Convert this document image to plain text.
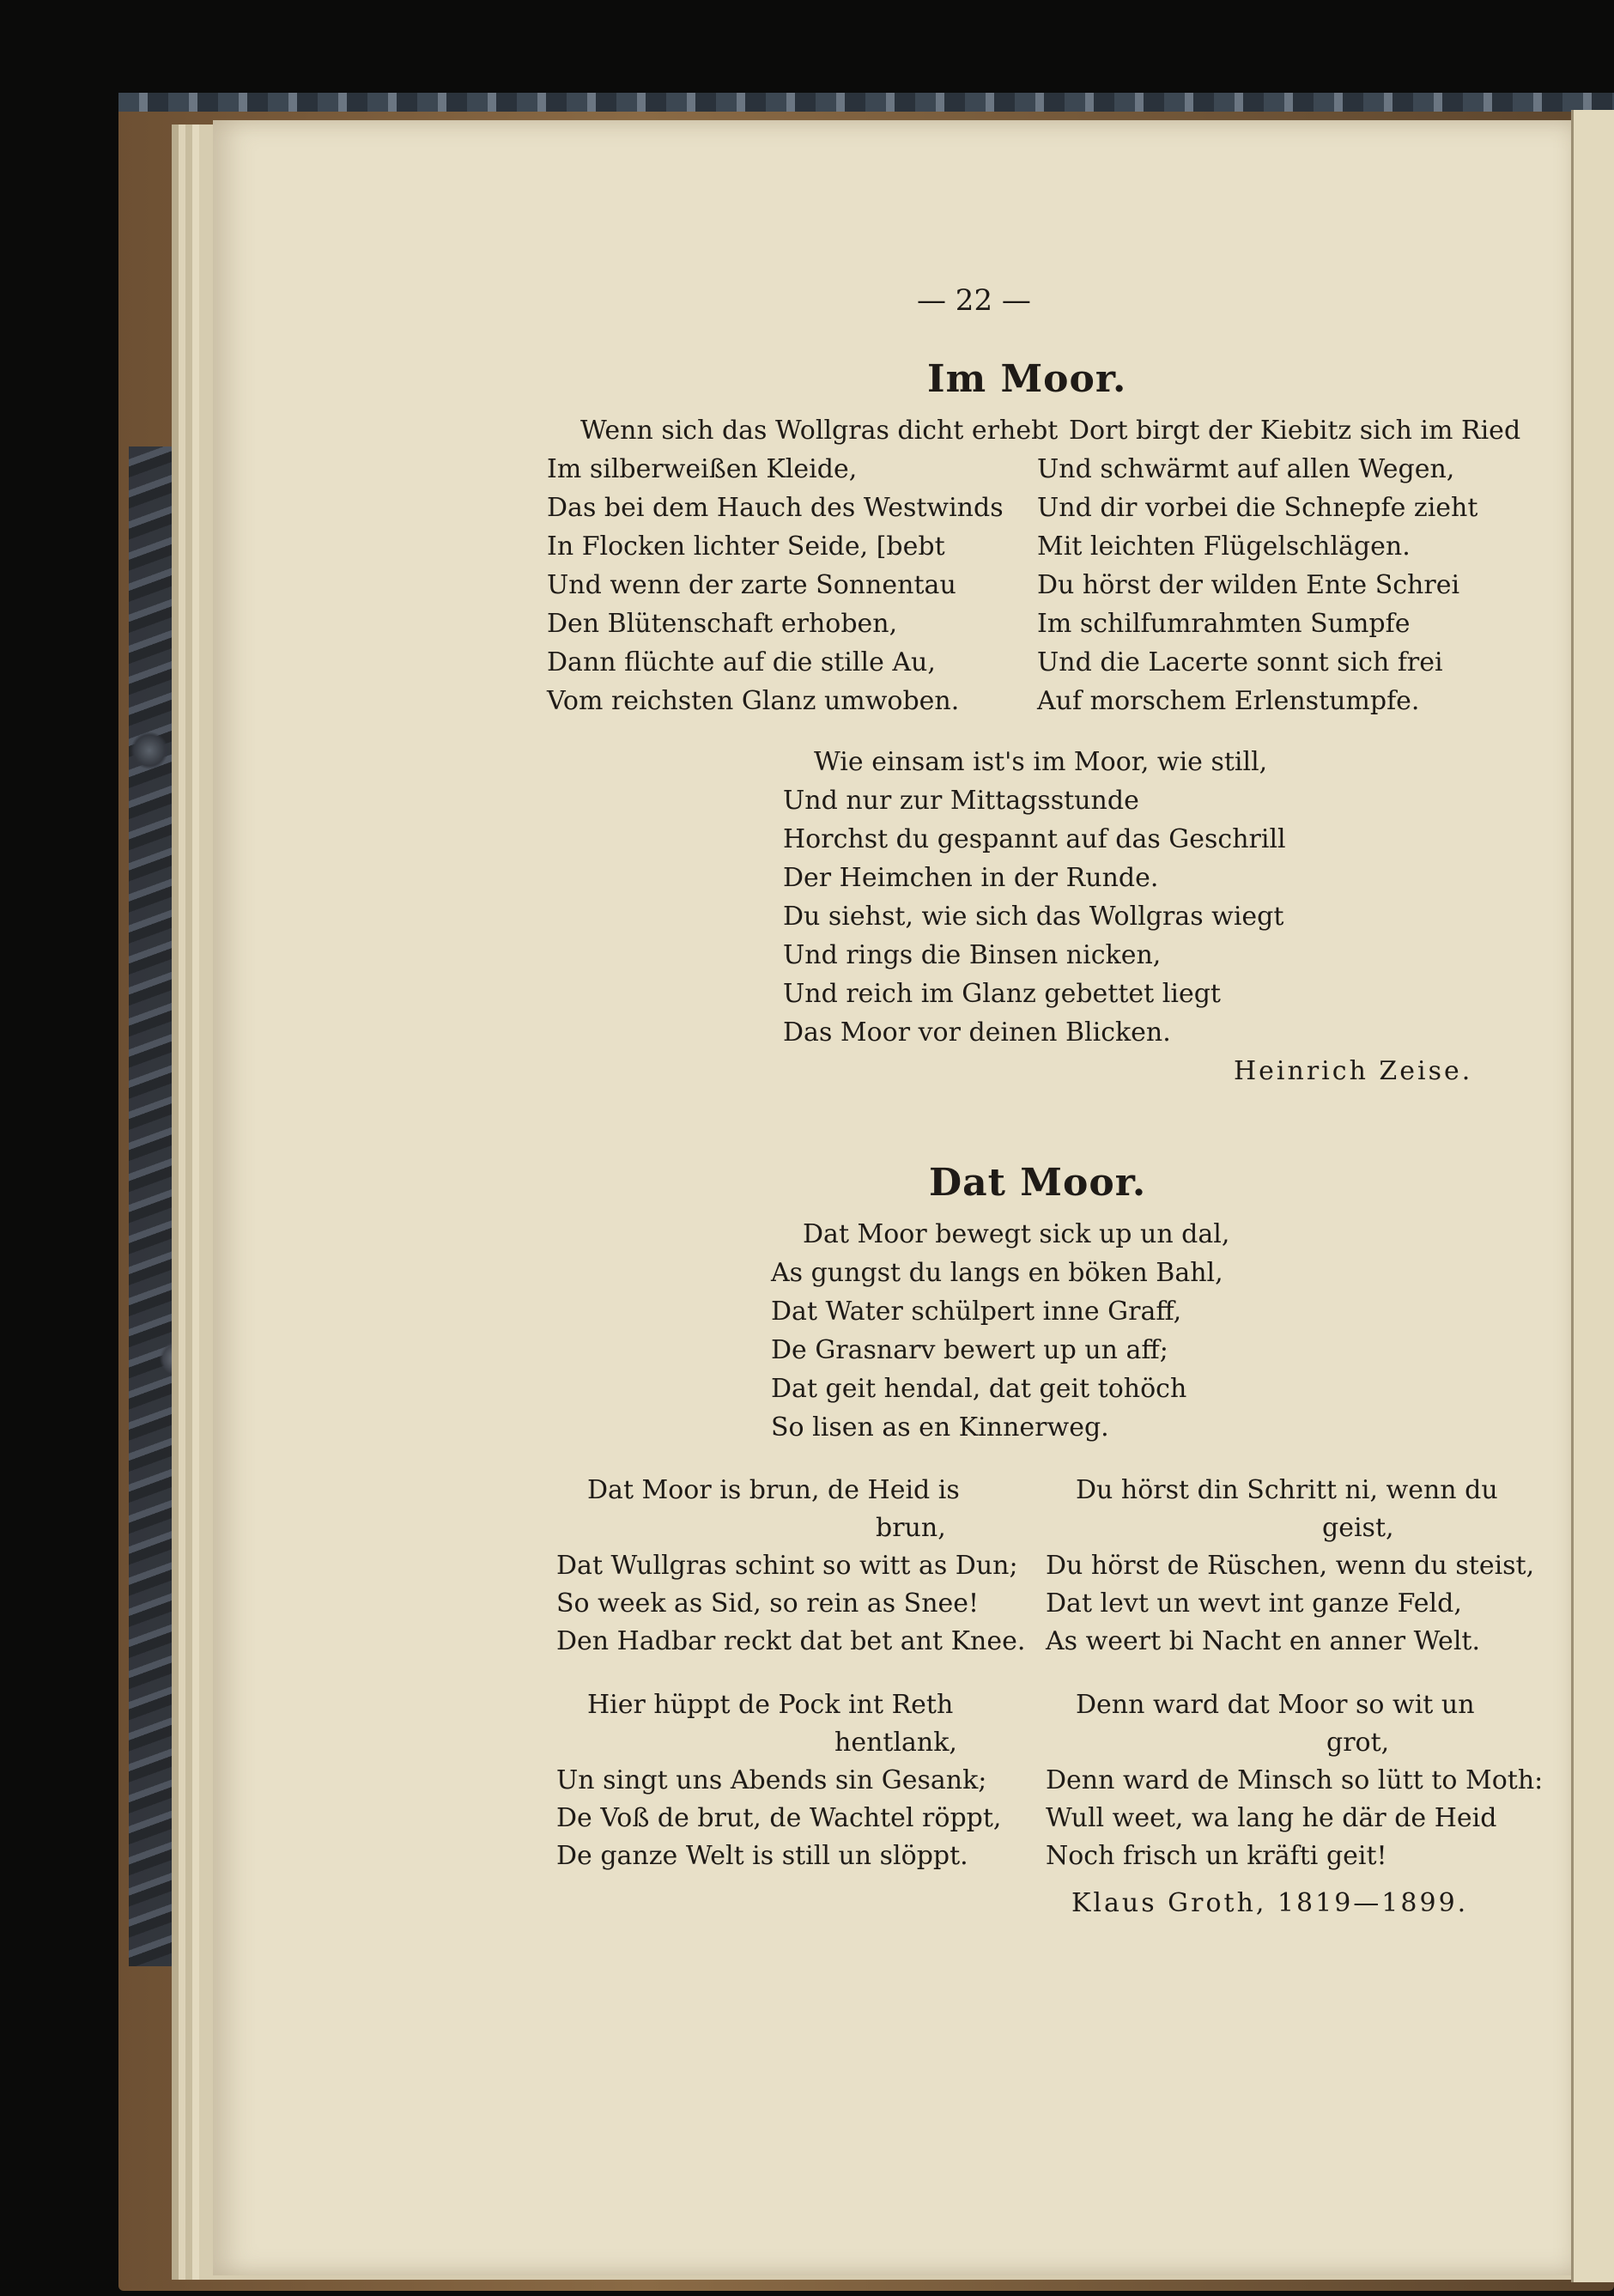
— 22 —
Im Moor.
Wenn sich das Wollgras dicht erhebt
Im silberweißen Kleide,
Das bei dem Hauch des Westwinds
In Flocken lichter Seide, [bebt
Und wenn der zarte Sonnentau
Den Blütenschaft erhoben,
Dann flüchte auf die stille Au,
Vom reichsten Glanz umwoben.
Dort birgt der Kiebitz sich im Ried
Und schwärmt auf allen Wegen,
Und dir vorbei die Schnepfe zieht
Mit leichten Flügelschlägen.
Du hörst der wilden Ente Schrei
Im schilfumrahmten Sumpfe
Und die Lacerte sonnt sich frei
Auf morschem Erlenstumpfe.
Wie einsam ist's im Moor, wie still,
Und nur zur Mittagsstunde
Horchst du gespannt auf das Geschrill
Der Heimchen in der Runde.
Du siehst, wie sich das Wollgras wiegt
Und rings die Binsen nicken,
Und reich im Glanz gebettet liegt
Das Moor vor deinen Blicken.
Heinrich Zeise.
Dat Moor.
Dat Moor bewegt sick up un dal,
As gungst du langs en böken Bahl,
Dat Water schülpert inne Graff,
De Grasnarv bewert up un aff;
Dat geit hendal, dat geit tohöch
So lisen as en Kinnerweg.
Dat Moor is brun, de Heid is
brun,
Dat Wullgras schint so witt as Dun;
So week as Sid, so rein as Snee!
Den Hadbar reckt dat bet ant Knee.
Du hörst din Schritt ni, wenn du
geist,
Du hörst de Rüschen, wenn du steist,
Dat levt un wevt int ganze Feld,
As weert bi Nacht en anner Welt.
Hier hüppt de Pock int Reth
hentlank,
Un singt uns Abends sin Gesank;
De Voß de brut, de Wachtel röppt,
De ganze Welt is still un slöppt.
Denn ward dat Moor so wit un
grot,
Denn ward de Minsch so lütt to Moth:
Wull weet, wa lang he där de Heid
Noch frisch un kräfti geit!
Klaus Groth, 1819—1899.
